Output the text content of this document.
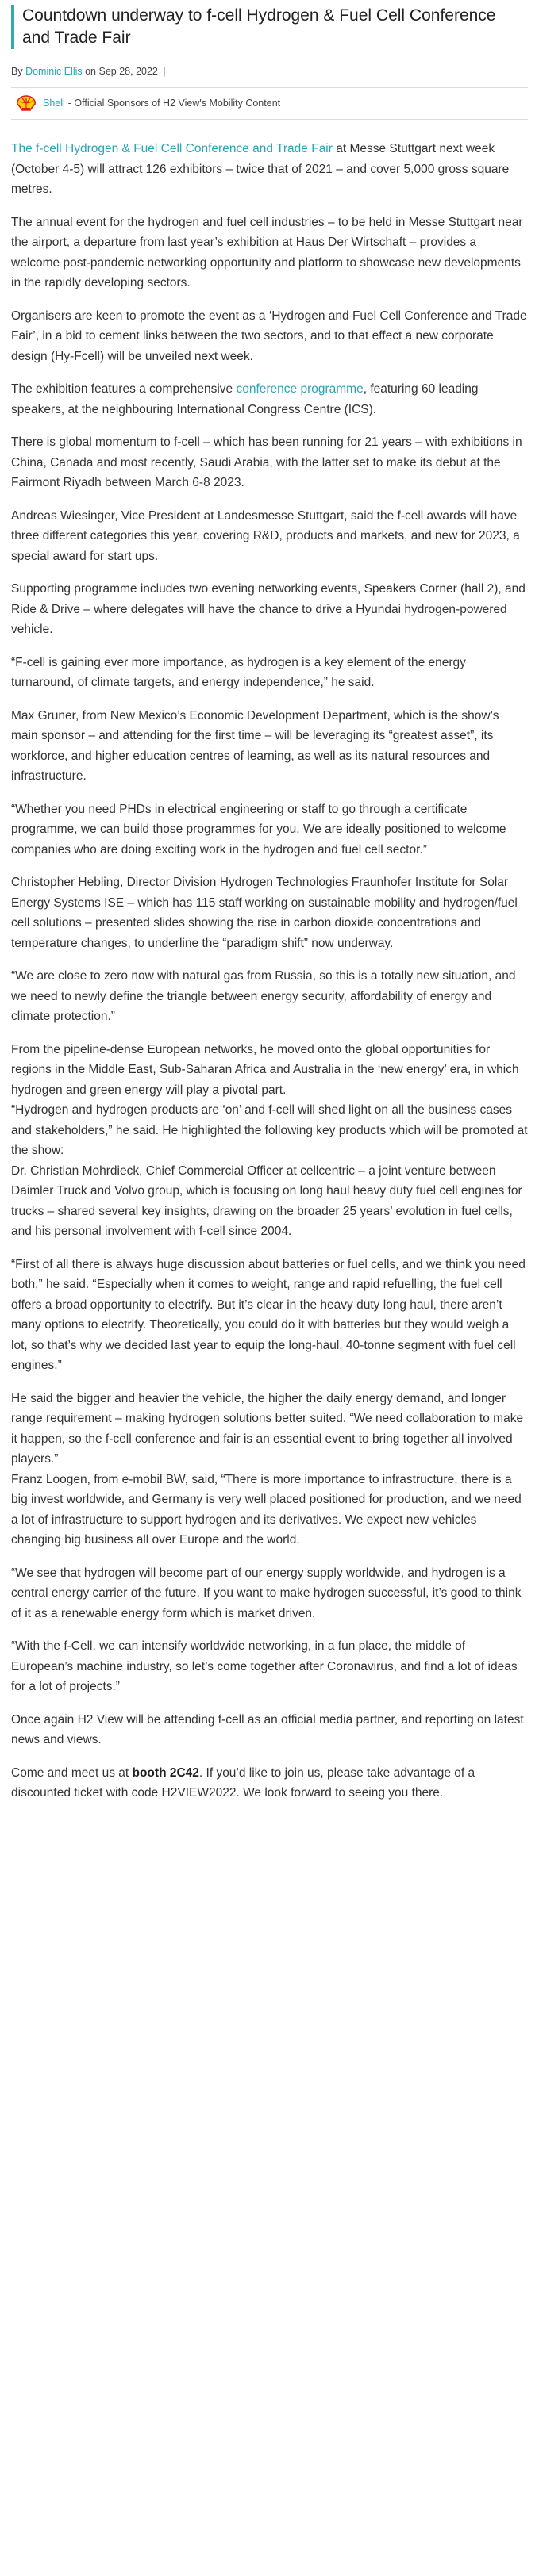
Countdown underway to f-cell Hydrogen & Fuel Cell Conference and Trade Fair
By Dominic Ellis on Sep 28, 2022 |
Shell - Official Sponsors of H2 View's Mobility Content

The f-cell Hydrogen & Fuel Cell Conference and Trade Fair at Messe Stuttgart next week (October 4-5) will attract 126 exhibitors – twice that of 2021 – and cover 5,000 gross square metres.

The annual event for the hydrogen and fuel cell industries – to be held in Messe Stuttgart near the airport, a departure from last year’s exhibition at Haus Der Wirtschaft – provides a welcome post-pandemic networking opportunity and platform to showcase new developments in the rapidly developing sectors.

Organisers are keen to promote the event as a ‘Hydrogen and Fuel Cell Conference and Trade Fair’, in a bid to cement links between the two sectors, and to that effect a new corporate design (Hy-Fcell) will be unveiled next week.

The exhibition features a comprehensive conference programme, featuring 60 leading speakers, at the neighbouring International Congress Centre (ICS).

There is global momentum to f-cell – which has been running for 21 years – with exhibitions in China, Canada and most recently, Saudi Arabia, with the latter set to make its debut at the Fairmont Riyadh between March 6-8 2023.

Andreas Wiesinger, Vice President at Landesmesse Stuttgart, said the f-cell awards will have three different categories this year, covering R&D, products and markets, and new for 2023, a special award for start ups.

Supporting programme includes two evening networking events, Speakers Corner (hall 2), and Ride & Drive – where delegates will have the chance to drive a Hyundai hydrogen-powered vehicle.

“F-cell is gaining ever more importance, as hydrogen is a key element of the energy turnaround, of climate targets, and energy independence,” he said.

Max Gruner, from New Mexico’s Economic Development Department, which is the show’s main sponsor – and attending for the first time – will be leveraging its “greatest asset”, its workforce, and higher education centres of learning, as well as its natural resources and infrastructure.

“Whether you need PHDs in electrical engineering or staff to go through a certificate programme, we can build those programmes for you. We are ideally positioned to welcome companies who are doing exciting work in the hydrogen and fuel cell sector.”

Christopher Hebling, Director Division Hydrogen Technologies Fraunhofer Institute for Solar Energy Systems ISE – which has 115 staff working on sustainable mobility and hydrogen/fuel cell solutions – presented slides showing the rise in carbon dioxide concentrations and temperature changes, to underline the “paradigm shift” now underway.

“We are close to zero now with natural gas from Russia, so this is a totally new situation, and we need to newly define the triangle between energy security, affordability of energy and climate protection.”

From the pipeline-dense European networks, he moved onto the global opportunities for regions in the Middle East, Sub-Saharan Africa and Australia in the ‘new energy’ era, in which hydrogen and green energy will play a pivotal part.

“Hydrogen and hydrogen products are ‘on’ and f-cell will shed light on all the business cases and stakeholders,” he said. He highlighted the following key products which will be promoted at the show:

Dr. Christian Mohrdieck, Chief Commercial Officer at cellcentric – a joint venture between Daimler Truck and Volvo group, which is focusing on long haul heavy duty fuel cell engines for trucks – shared several key insights, drawing on the broader 25 years’ evolution in fuel cells, and his personal involvement with f-cell since 2004.

“First of all there is always huge discussion about batteries or fuel cells, and we think you need both,” he said. “Especially when it comes to weight, range and rapid refuelling, the fuel cell offers a broad opportunity to electrify. But it’s clear in the heavy duty long haul, there aren’t many options to electrify. Theoretically, you could do it with batteries but they would weigh a lot, so that’s why we decided last year to equip the long-haul, 40-tonne segment with fuel cell engines.”

He said the bigger and heavier the vehicle, the higher the daily energy demand, and longer range requirement – making hydrogen solutions better suited. “We need collaboration to make it happen, so the f-cell conference and fair is an essential event to bring together all involved players.”

Franz Loogen, from e-mobil BW, said, “There is more importance to infrastructure, there is a big invest worldwide, and Germany is very well placed positioned for production, and we need a lot of infrastructure to support hydrogen and its derivatives. We expect new vehicles changing big business all over Europe and the world.

“We see that hydrogen will become part of our energy supply worldwide, and hydrogen is a central energy carrier of the future. If you want to make hydrogen successful, it’s good to think of it as a renewable energy form which is market driven.

“With the f-Cell, we can intensify worldwide networking, in a fun place, the middle of European’s machine industry, so let’s come together after Coronavirus, and find a lot of ideas for a lot of projects.”

Once again H2 View will be attending f-cell as an official media partner, and reporting on latest news and views.

Come and meet us at booth 2C42. If you’d like to join us, please take advantage of a discounted ticket with code H2VIEW2022. We look forward to seeing you there.
